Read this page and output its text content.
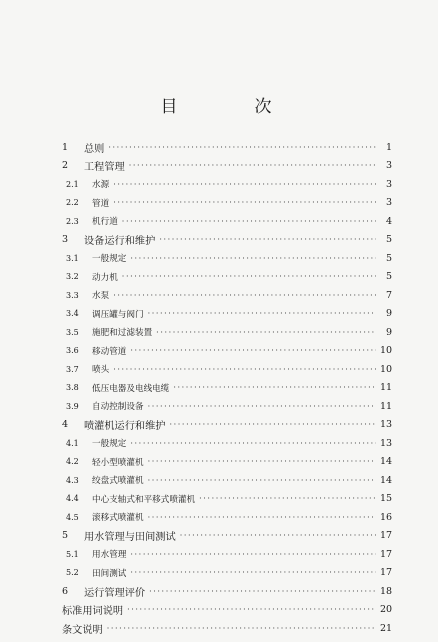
目　次
1	总则 ·····	1
2	工程管理 ·····	3
2.1	水源 ·····	3
2.2	管道 ·····	3
2.3	机行道 ·····	4
3	设备运行和维护 ·····	5
3.1	一般规定 ·····	5
3.2	动力机 ·····	5
3.3	水泵 ·····	7
3.4	调压罐与阀门 ·····	9
3.5	施肥和过滤装置 ·····	9
3.6	移动管道 ·····	10
3.7	喷头 ·····	10
3.8	低压电器及电线电缆 ·····	11
3.9	自动控制设备 ·····	11
4	喷灌机运行和维护 ·····	13
4.1	一般规定 ·····	13
4.2	轻小型喷灌机 ·····	14
4.3	绞盘式喷灌机 ·····	14
4.4	中心支轴式和平移式喷灌机 ·····	15
4.5	滚移式喷灌机 ·····	16
5	用水管理与田间测试 ·····	17
5.1	用水管理 ·····	17
5.2	田间测试 ·····	17
6	运行管理评价 ·····	18
标准用词说明 ·····	20
条文说明 ·····	21
